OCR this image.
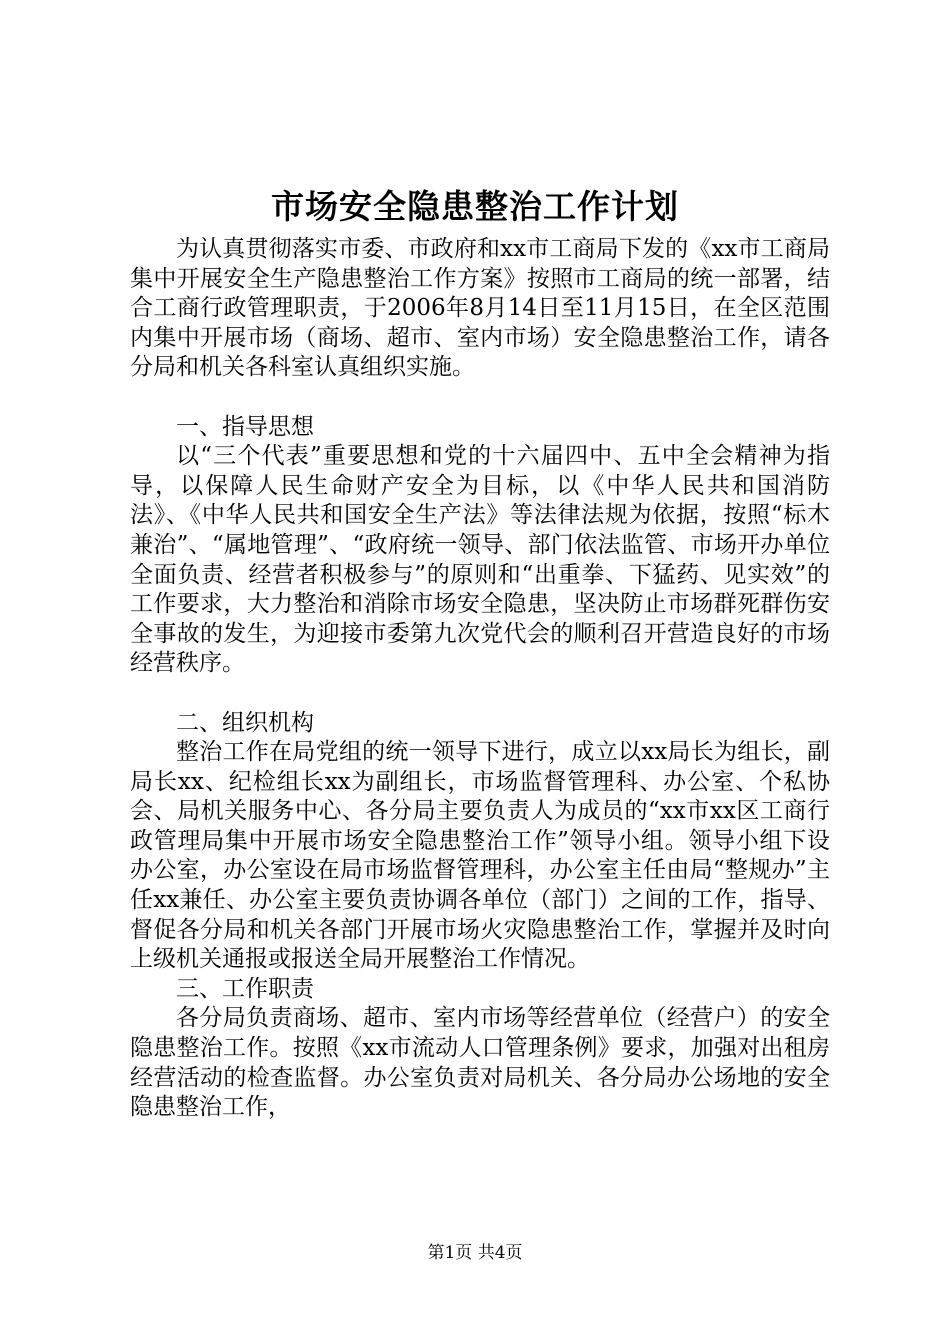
市场安全隐患整治工作计划

为认真贯彻落实市委、市政府和xx市工商局下发的《xx市工商局集中开展安全生产隐患整治工作方案》按照市工商局的统一部署，结合工商行政管理职责，于2006年8月14日至11月15日，在全区范围内集中开展市场（商场、超市、室内市场）安全隐患整治工作，请各分局和机关各科室认真组织实施。

一、指导思想

以“三个代表”重要思想和党的十六届四中、五中全会精神为指导，以保障人民生命财产安全为目标，以《中华人民共和国消防法》、《中华人民共和国安全生产法》等法律法规为依据，按照“标木兼治”、“属地管理”、“政府统一领导、部门依法监管、市场开办单位全面负责、经营者积极参与”的原则和“出重拳、下猛药、见实效”的工作要求，大力整治和消除市场安全隐患，坚决防止市场群死群伤安全事故的发生，为迎接市委第九次党代会的顺利召开营造良好的市场经营秩序。

二、组织机构

整治工作在局党组的统一领导下进行，成立以xx局长为组长，副局长xx、纪检组长xx为副组长，市场监督管理科、办公室、个私协会、局机关服务中心、各分局主要负责人为成员的“xx市xx区工商行政管理局集中开展市场安全隐患整治工作”领导小组。领导小组下设办公室，办公室设在局市场监督管理科，办公室主任由局“整规办”主任xx兼任、办公室主要负责协调各单位（部门）之间的工作，指导、督促各分局和机关各部门开展市场火灾隐患整治工作，掌握并及时向上级机关通报或报送全局开展整治工作情况。

三、工作职责

各分局负责商场、超市、室内市场等经营单位（经营户）的安全隐患整治工作。按照《xx市流动人口管理条例》要求，加强对出租房经营活动的检查监督。办公室负责对局机关、各分局办公场地的安全隐患整治工作，

第1页 共4页
